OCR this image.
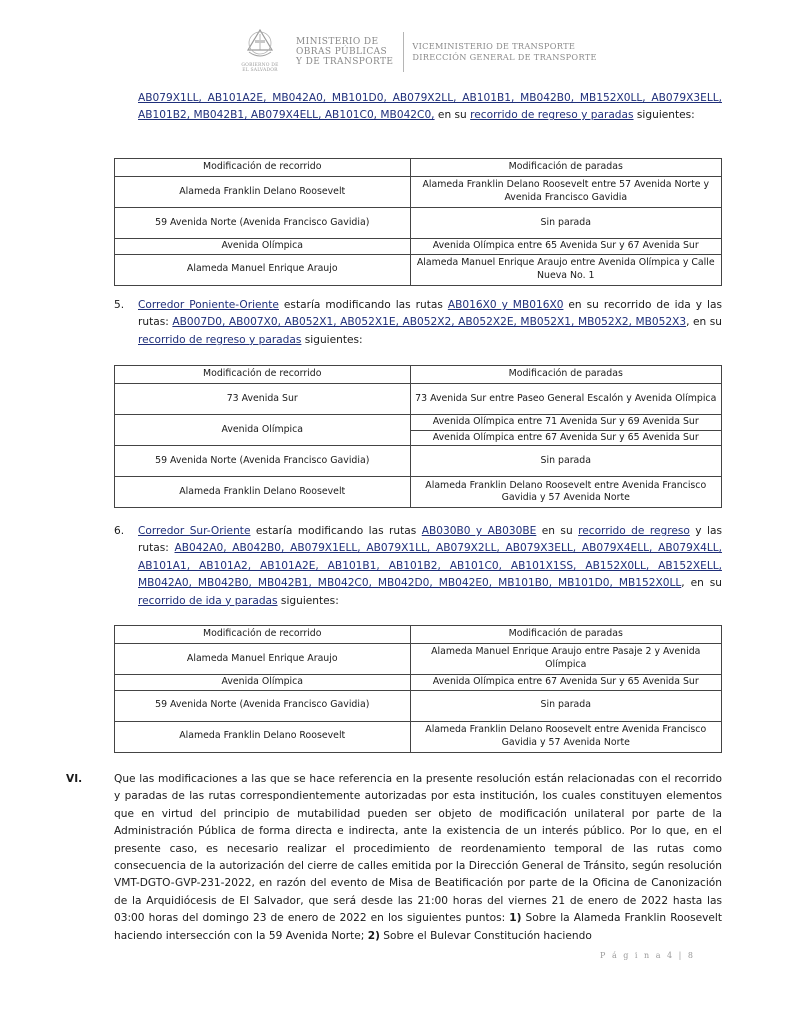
GOBIERNO DE
EL SALVADOR
MINISTERIO DE
OBRAS PÚBLICAS
Y DE TRANSPORTE
VICEMINISTERIO DE TRANSPORTE
DIRECCIÓN GENERAL DE TRANSPORTE
AB079X1LL, AB101A2E, MB042A0, MB101D0, AB079X2LL, AB101B1, MB042B0, MB152X0LL, AB079X3ELL, AB101B2, MB042B1, AB079X4ELL, AB101C0, MB042C0, en su recorrido de regreso y paradas siguientes:
Modificación de recorrido	Modificación de paradas
Alameda Franklin Delano Roosevelt	Alameda Franklin Delano Roosevelt entre 57 Avenida Norte y Avenida Francisco Gavidia
59 Avenida Norte (Avenida Francisco Gavidia)	Sin parada
Avenida Olímpica	Avenida Olímpica entre 65 Avenida Sur y 67 Avenida Sur
Alameda Manuel Enrique Araujo	Alameda Manuel Enrique Araujo entre Avenida Olímpica y Calle Nueva No. 1
5. Corredor Poniente-Oriente estaría modificando las rutas AB016X0 y MB016X0 en su recorrido de ida y las rutas: AB007D0, AB007X0, AB052X1, AB052X1E, AB052X2, AB052X2E, MB052X1, MB052X2, MB052X3, en su recorrido de regreso y paradas siguientes:
Modificación de recorrido	Modificación de paradas
73 Avenida Sur	73 Avenida Sur entre Paseo General Escalón y Avenida Olímpica
Avenida Olímpica	Avenida Olímpica entre 71 Avenida Sur y 69 Avenida Sur
	Avenida Olímpica entre 67 Avenida Sur y 65 Avenida Sur
59 Avenida Norte (Avenida Francisco Gavidia)	Sin parada
Alameda Franklin Delano Roosevelt	Alameda Franklin Delano Roosevelt entre Avenida Francisco Gavidia y 57 Avenida Norte
6. Corredor Sur-Oriente estaría modificando las rutas AB030B0 y AB030BE en su recorrido de regreso y las rutas: AB042A0, AB042B0, AB079X1ELL, AB079X1LL, AB079X2LL, AB079X3ELL, AB079X4ELL, AB079X4LL, AB101A1, AB101A2, AB101A2E, AB101B1, AB101B2, AB101C0, AB101X1SS, AB152X0LL, AB152XELL, MB042A0, MB042B0, MB042B1, MB042C0, MB042D0, MB042E0, MB101B0, MB101D0, MB152X0LL, en su recorrido de ida y paradas siguientes:
Modificación de recorrido	Modificación de paradas
Alameda Manuel Enrique Araujo	Alameda Manuel Enrique Araujo entre Pasaje 2 y Avenida Olímpica
Avenida Olímpica	Avenida Olímpica entre 67 Avenida Sur y 65 Avenida Sur
59 Avenida Norte (Avenida Francisco Gavidia)	Sin parada
Alameda Franklin Delano Roosevelt	Alameda Franklin Delano Roosevelt entre Avenida Francisco Gavidia y 57 Avenida Norte
VI.	Que las modificaciones a las que se hace referencia en la presente resolución están relacionadas con el recorrido y paradas de las rutas correspondientemente autorizadas por esta institución, los cuales constituyen elementos que en virtud del principio de mutabilidad pueden ser objeto de modificación unilateral por parte de la Administración Pública de forma directa e indirecta, ante la existencia de un interés público. Por lo que, en el presente caso, es necesario realizar el procedimiento de reordenamiento temporal de las rutas como consecuencia de la autorización del cierre de calles emitida por la Dirección General de Tránsito, según resolución VMT-DGTO-GVP-231-2022, en razón del evento de Misa de Beatificación por parte de la Oficina de Canonización de la Arquidiócesis de El Salvador, que será desde las 21:00 horas del viernes 21 de enero de 2022 hasta las 03:00 horas del domingo 23 de enero de 2022 en los siguientes puntos: 1) Sobre la Alameda Franklin Roosevelt haciendo intersección con la 59 Avenida Norte; 2) Sobre el Bulevar Constitución haciendo
P á g i n a 4 | 8
